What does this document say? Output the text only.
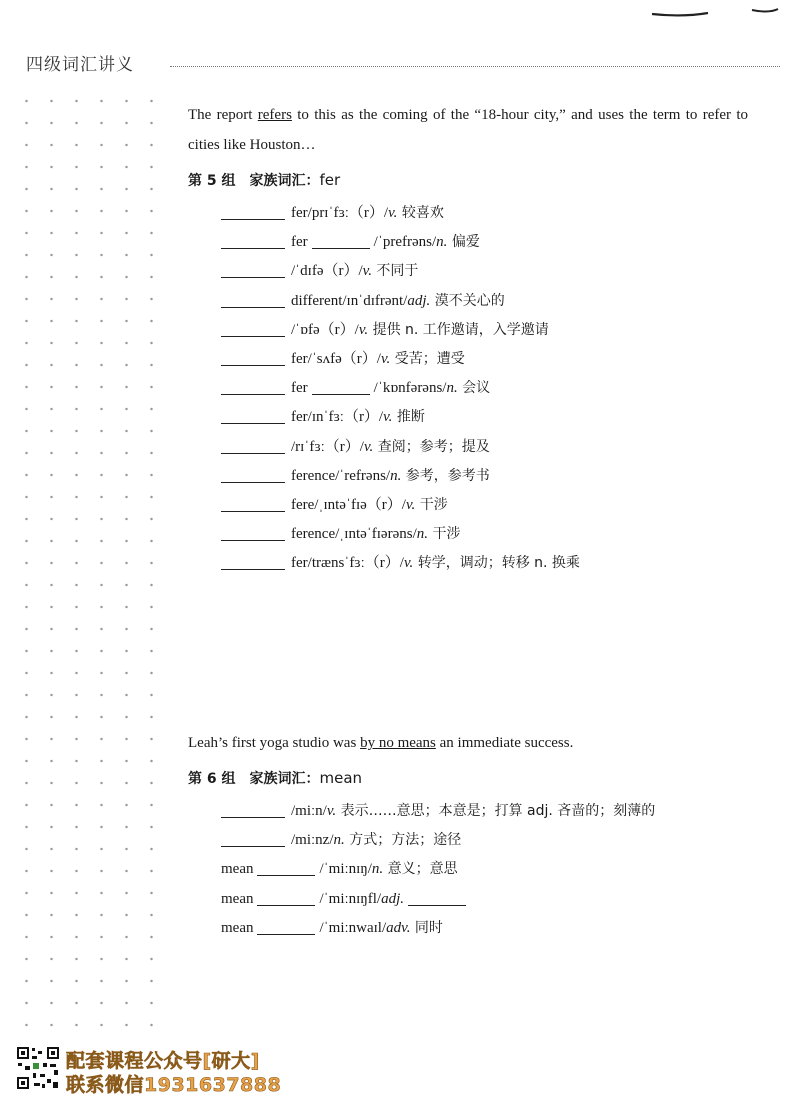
四级词汇讲义

The report refers to this as the coming of the “18-hour city,” and uses the term to refer to cities like Houston…

第 5 组　家族词汇：fer
fer/prɪˈfɜː（r）/v. 较喜欢
fer	/ˈprefrəns/n. 偏爱
/ˈdɪfə（r）/v. 不同于
different/ɪnˈdɪfrənt/adj. 漠不关心的
/ˈɒfə（r）/v. 提供 n. 工作邀请，入学邀请
fer/ˈsʌfə（r）/v. 受苦；遭受
fer	/ˈkɒnfərəns/n. 会议
fer/ɪnˈfɜː（r）/v. 推断
/rɪˈfɜː（r）/v. 查阅；参考；提及
ference/ˈrefrəns/n. 参考，参考书
fere/ˌɪntəˈfɪə（r）/v. 干涉
ference/ˌɪntəˈfɪərəns/n. 干涉
fer/trænsˈfɜː（r）/v. 转学，调动；转移 n. 换乘

Leah’s first yoga studio was by no means an immediate success.

第 6 组　家族词汇：mean
/miːn/v. 表示……意思；本意是；打算 adj. 吝啬的；刻薄的
/miːnz/n. 方式；方法；途径
mean	/ˈmiːnɪŋ/n. 意义；意思
mean	/ˈmiːnɪŋfl/adj.
mean	/ˈmiːnwaɪl/adv. 同时
配套课程公众号[研大]
联系微信1931637888
